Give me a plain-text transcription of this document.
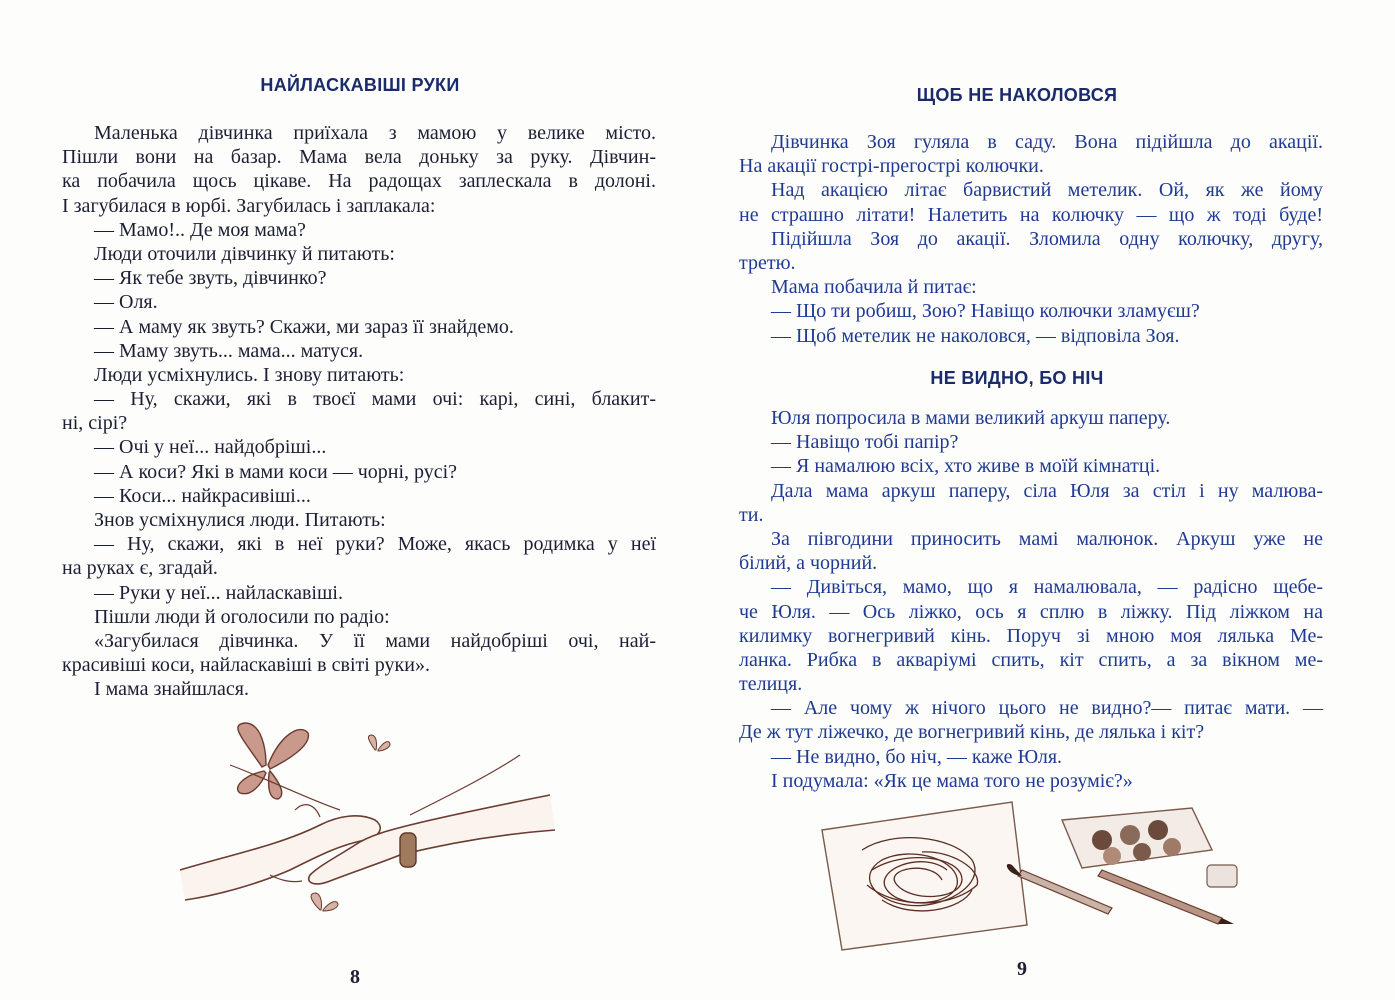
НАЙЛАСКАВІШІ РУКИ
Маленька дівчинка приїхала з мамою у велике місто.
Пішли вони на базар. Мама вела доньку за руку. Дівчин-
ка побачила щось цікаве. На радощах заплескала в долоні.
І загубилася в юрбі. Загубилась і заплакала:
— Мамо!.. Де моя мама?
Люди оточили дівчинку й питають:
— Як тебе звуть, дівчинко?
— Оля.
— А маму як звуть? Скажи, ми зараз її знайдемо.
— Маму звуть... мама... матуся.
Люди усміхнулись. І знову питають:
— Ну, скажи, які в твоєї мами очі: карі, сині, блакит-
ні, сірі?
— Очі у неї... найдобріші...
— А коси? Які в мами коси — чорні, русі?
— Коси... найкрасивіші...
Знов усміхнулися люди. Питають:
— Ну, скажи, які в неї руки? Може, якась родимка у неї
на руках є, згадай.
— Руки у неї... найласкавіші.
Пішли люди й оголосили по радіо:
«Загубилася дівчинка. У її мами найдобріші очі, най-
красивіші коси, найласкавіші в світі руки».
І мама знайшлася.
8
ЩОБ НЕ НАКОЛОВСЯ
Дівчинка Зоя гуляла в саду. Вона підійшла до акації.
На акації гострі-прегострі колючки.
Над акацією літає барвистий метелик. Ой, як же йому
не страшно літати! Налетить на колючку — що ж тоді буде!
Підійшла Зоя до акації. Зломила одну колючку, другу,
третю.
Мама побачила й питає:
— Що ти робиш, Зою? Навіщо колючки зламуєш?
— Щоб метелик не наколовся, — відповіла Зоя.
НЕ ВИДНО, БО НІЧ
Юля попросила в мами великий аркуш паперу.
— Навіщо тобі папір?
— Я намалюю всіх, хто живе в моїй кімнатці.
Дала мама аркуш паперу, сіла Юля за стіл і ну малюва-
ти.
За півгодини приносить мамі малюнок. Аркуш уже не
білий, а чорний.
— Дивіться, мамо, що я намалювала, — радісно щебе-
че Юля. — Ось ліжко, ось я сплю в ліжку. Під ліжком на
килимку вогнегривий кінь. Поруч зі мною моя лялька Ме-
ланка. Рибка в акваріумі спить, кіт спить, а за вікном ме-
телиця.
— Але чому ж нічого цього не видно?— питає мати. —
Де ж тут ліжечко, де вогнегривий кінь, де лялька і кіт?
— Не видно, бо ніч, — каже Юля.
І подумала: «Як це мама того не розуміє?»
9
